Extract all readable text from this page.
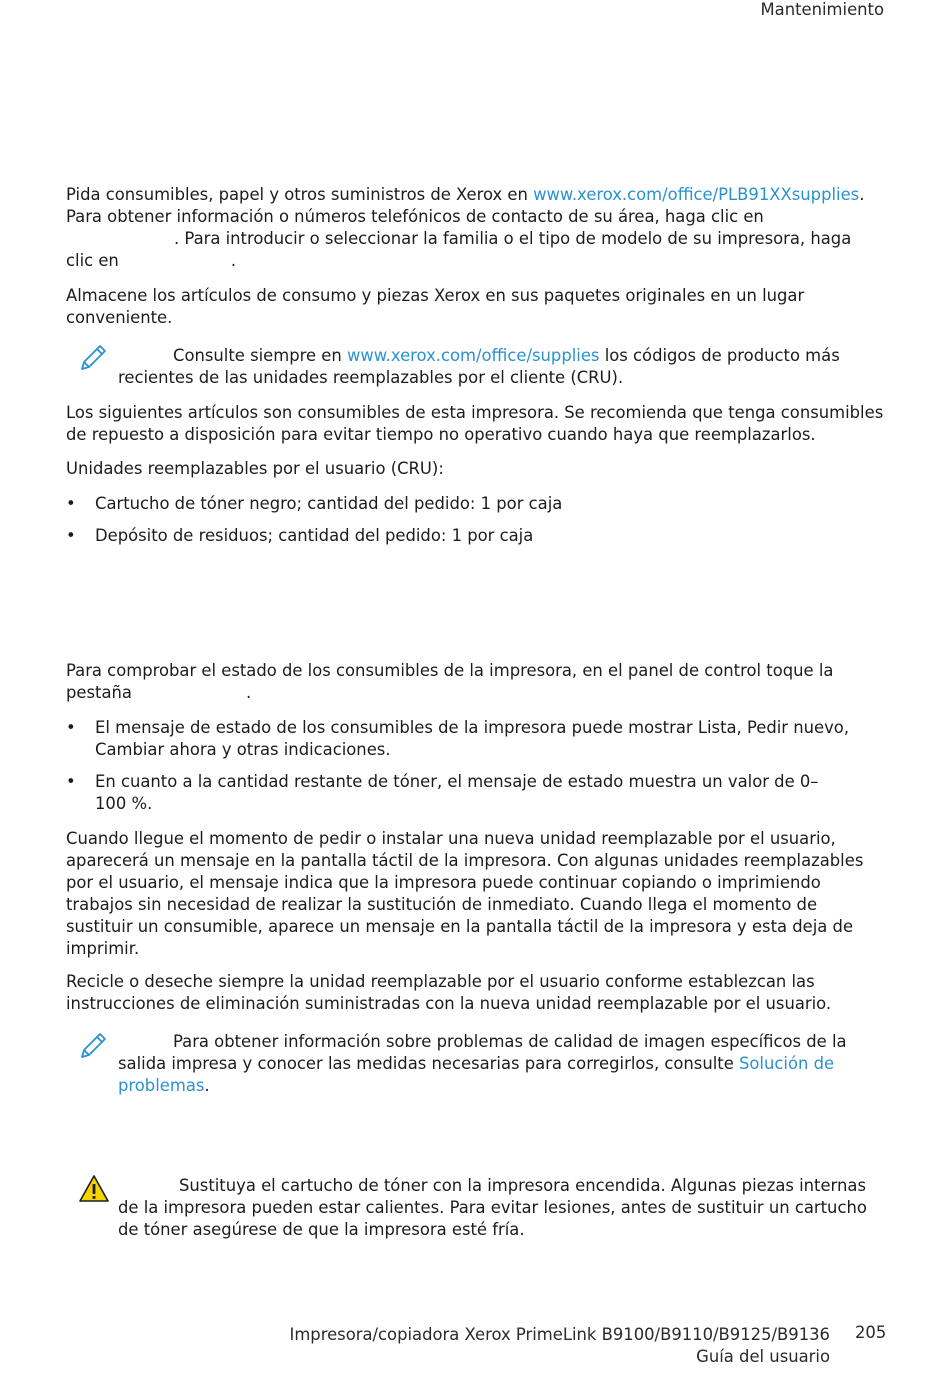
Mantenimiento
Pida consumibles, papel y otros suministros de Xerox en www.xerox.com/office/PLB91XXsupplies.
Para obtener información o números telefónicos de contacto de su área, haga clic en
. Para introducir o seleccionar la familia o el tipo de modelo de su impresora, haga
clic en	.
Almacene los artículos de consumo y piezas Xerox en sus paquetes originales en un lugar conveniente.
Consulte siempre en www.xerox.com/office/supplies los códigos de producto más
recientes de las unidades reemplazables por el cliente (CRU).
Los siguientes artículos son consumibles de esta impresora. Se recomienda que tenga consumibles de repuesto a disposición para evitar tiempo no operativo cuando haya que reemplazarlos.
Unidades reemplazables por el usuario (CRU):
• Cartucho de tóner negro; cantidad del pedido: 1 por caja
• Depósito de residuos; cantidad del pedido: 1 por caja
Para comprobar el estado de los consumibles de la impresora, en el panel de control toque la
pestaña	.
• El mensaje de estado de los consumibles de la impresora puede mostrar Lista, Pedir nuevo, Cambiar ahora y otras indicaciones.
• En cuanto a la cantidad restante de tóner, el mensaje de estado muestra un valor de 0–
100 %.
Cuando llegue el momento de pedir o instalar una nueva unidad reemplazable por el usuario, aparecerá un mensaje en la pantalla táctil de la impresora. Con algunas unidades reemplazables por el usuario, el mensaje indica que la impresora puede continuar copiando o imprimiendo trabajos sin necesidad de realizar la sustitución de inmediato. Cuando llega el momento de sustituir un consumible, aparece un mensaje en la pantalla táctil de la impresora y esta deja de imprimir.
Recicle o deseche siempre la unidad reemplazable por el usuario conforme establezcan las instrucciones de eliminación suministradas con la nueva unidad reemplazable por el usuario.
Para obtener información sobre problemas de calidad de imagen específicos de la
salida impresa y conocer las medidas necesarias para corregirlos, consulte Solución de
problemas.
Sustituya el cartucho de tóner con la impresora encendida. Algunas piezas internas
de la impresora pueden estar calientes. Para evitar lesiones, antes de sustituir un cartucho
de tóner asegúrese de que la impresora esté fría.
Impresora/copiadora Xerox PrimeLink B9100/B9110/B9125/B9136
Guía del usuario
205
